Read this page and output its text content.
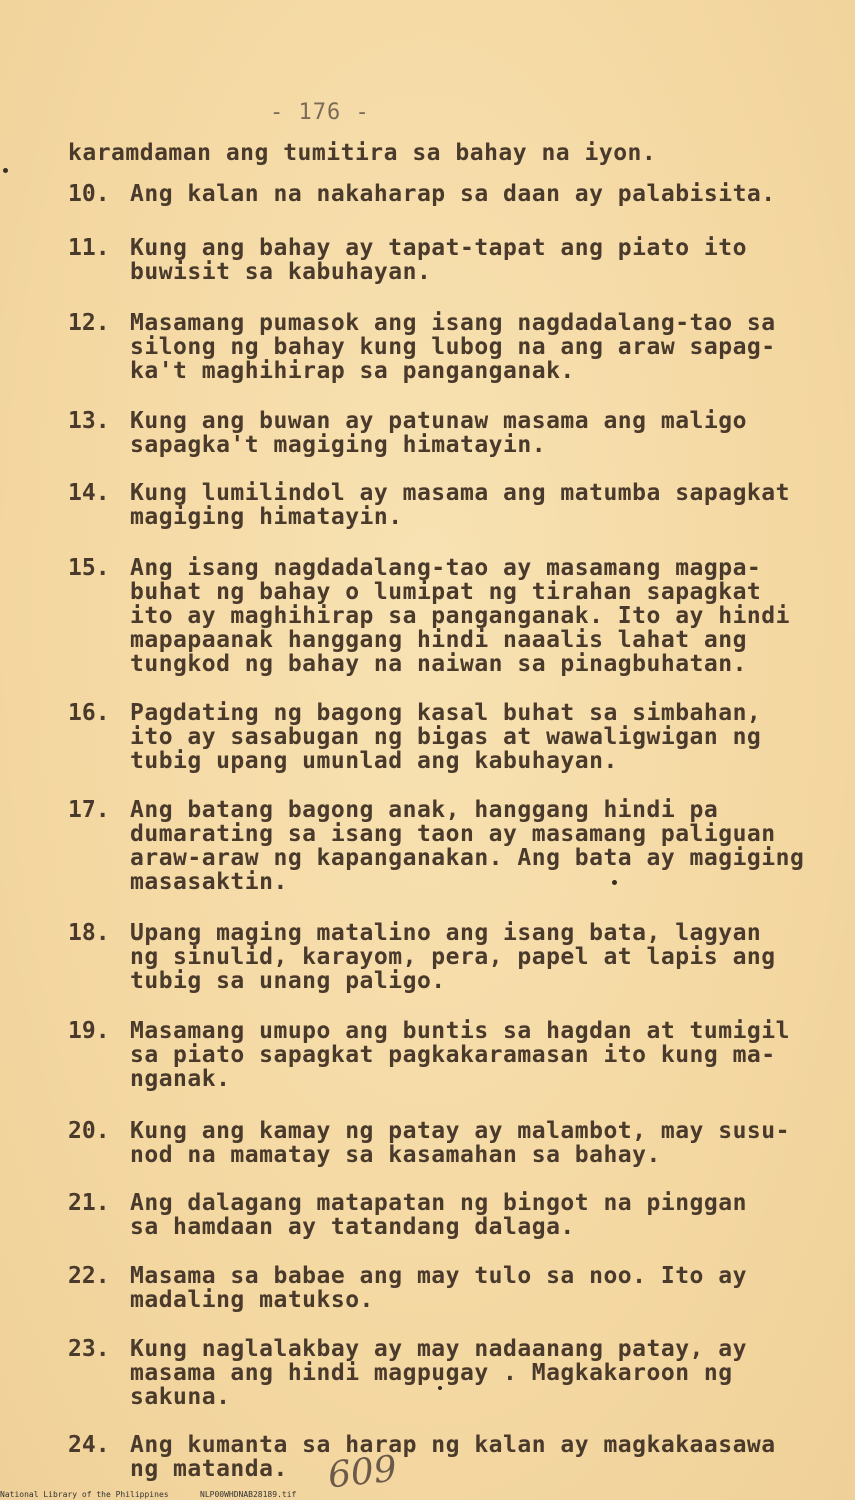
- 176 -
karamdaman ang tumitira sa bahay na iyon.
10. Ang kalan na nakaharap sa daan ay palabisita.
11. Kung ang bahay ay tapat-tapat ang piato ito
buwisit sa kabuhayan.
12. Masamang pumasok ang isang nagdadalang-tao sa
silong ng bahay kung lubog na ang araw sapag-
ka't maghihirap sa panganganak.
13. Kung ang buwan ay patunaw masama ang maligo
sapagka't magiging himatayin.
14. Kung lumilindol ay masama ang matumba sapagkat
magiging himatayin.
15. Ang isang nagdadalang-tao ay masamang magpa-
buhat ng bahay o lumipat ng tirahan sapagkat
ito ay maghihirap sa panganganak. Ito ay hindi
mapapaanak hanggang hindi naaalis lahat ang
tungkod ng bahay na naiwan sa pinagbuhatan.
16. Pagdating ng bagong kasal buhat sa simbahan,
ito ay sasabugan ng bigas at wawaligwigan ng
tubig upang umunlad ang kabuhayan.
17. Ang batang bagong anak, hanggang hindi pa
dumarating sa isang taon ay masamang paliguan
araw-araw ng kapanganakan. Ang bata ay magiging
masasaktin.
18. Upang maging matalino ang isang bata, lagyan
ng sinulid, karayom, pera, papel at lapis ang
tubig sa unang paligo.
19. Masamang umupo ang buntis sa hagdan at tumigil
sa piato sapagkat pagkakaramasan ito kung ma-
nganak.
20. Kung ang kamay ng patay ay malambot, may susu-
nod na mamatay sa kasamahan sa bahay.
21. Ang dalagang matapatan ng bingot na pinggan
sa hamdaan ay tatandang dalaga.
22. Masama sa babae ang may tulo sa noo. Ito ay
madaling matukso.
23. Kung naglalakbay ay may nadaanang patay, ay
masama ang hindi magpugay . Magkakaroon ng
sakuna.
24. Ang kumanta sa harap ng kalan ay magkakaasawa
ng matanda.	609
National Library of the Philippines	NLP00WHDNAB28189.tif
